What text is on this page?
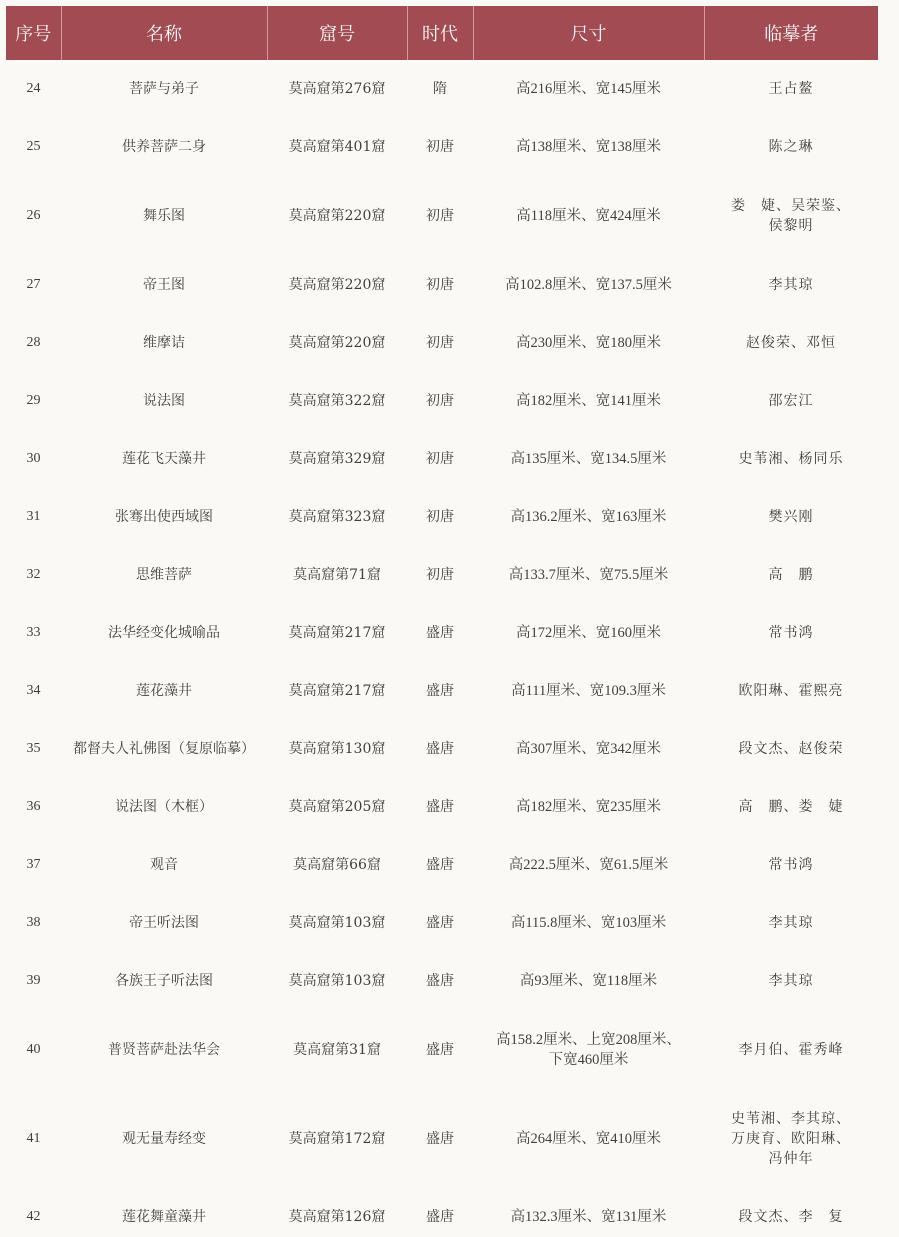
序号	名称	窟号	时代	尺寸	临摹者
24	菩萨与弟子	莫高窟第276窟	隋	高216厘米、宽145厘米	王占鳌

25	供养菩萨二身	莫高窟第401窟	初唐	高138厘米、宽138厘米	陈之琳

26	舞乐图	莫高窟第220窟	初唐	高118厘米、宽424厘米	娄　婕、吴荣鉴、
侯黎明

27	帝王图	莫高窟第220窟	初唐	高102.8厘米、宽137.5厘米	李其琼

28	维摩诘	莫高窟第220窟	初唐	高230厘米、宽180厘米	赵俊荣、邓恒

29	说法图	莫高窟第322窟	初唐	高182厘米、宽141厘米	邵宏江

30	莲花飞天藻井	莫高窟第329窟	初唐	高135厘米、宽134.5厘米	史苇湘、杨同乐

31	张骞出使西域图	莫高窟第323窟	初唐	高136.2厘米、宽163厘米	樊兴刚

32	思维菩萨	莫高窟第71窟	初唐	高133.7厘米、宽75.5厘米	高　鹏

33	法华经变化城喻品	莫高窟第217窟	盛唐	高172厘米、宽160厘米	常书鸿

34	莲花藻井	莫高窟第217窟	盛唐	高111厘米、宽109.3厘米	欧阳琳、霍熙亮

35	都督夫人礼佛图（复原临摹）	莫高窟第130窟	盛唐	高307厘米、宽342厘米	段文杰、赵俊荣

36	说法图（木框）	莫高窟第205窟	盛唐	高182厘米、宽235厘米	高　鹏、娄　婕

37	观音	莫高窟第66窟	盛唐	高222.5厘米、宽61.5厘米	常书鸿

38	帝王听法图	莫高窟第103窟	盛唐	高115.8厘米、宽103厘米	李其琼

39	各族王子听法图	莫高窟第103窟	盛唐	高93厘米、宽118厘米	李其琼

40	普贤菩萨赴法华会	莫高窟第31窟	盛唐	高158.2厘米、上宽208厘米、
下宽460厘米	李月伯、霍秀峰

41	观无量寿经变	莫高窟第172窟	盛唐	高264厘米、宽410厘米	史苇湘、李其琼、
万庚育、欧阳琳、
冯仲年

42	莲花舞童藻井	莫高窟第126窟	盛唐	高132.3厘米、宽131厘米	段文杰、李　复
